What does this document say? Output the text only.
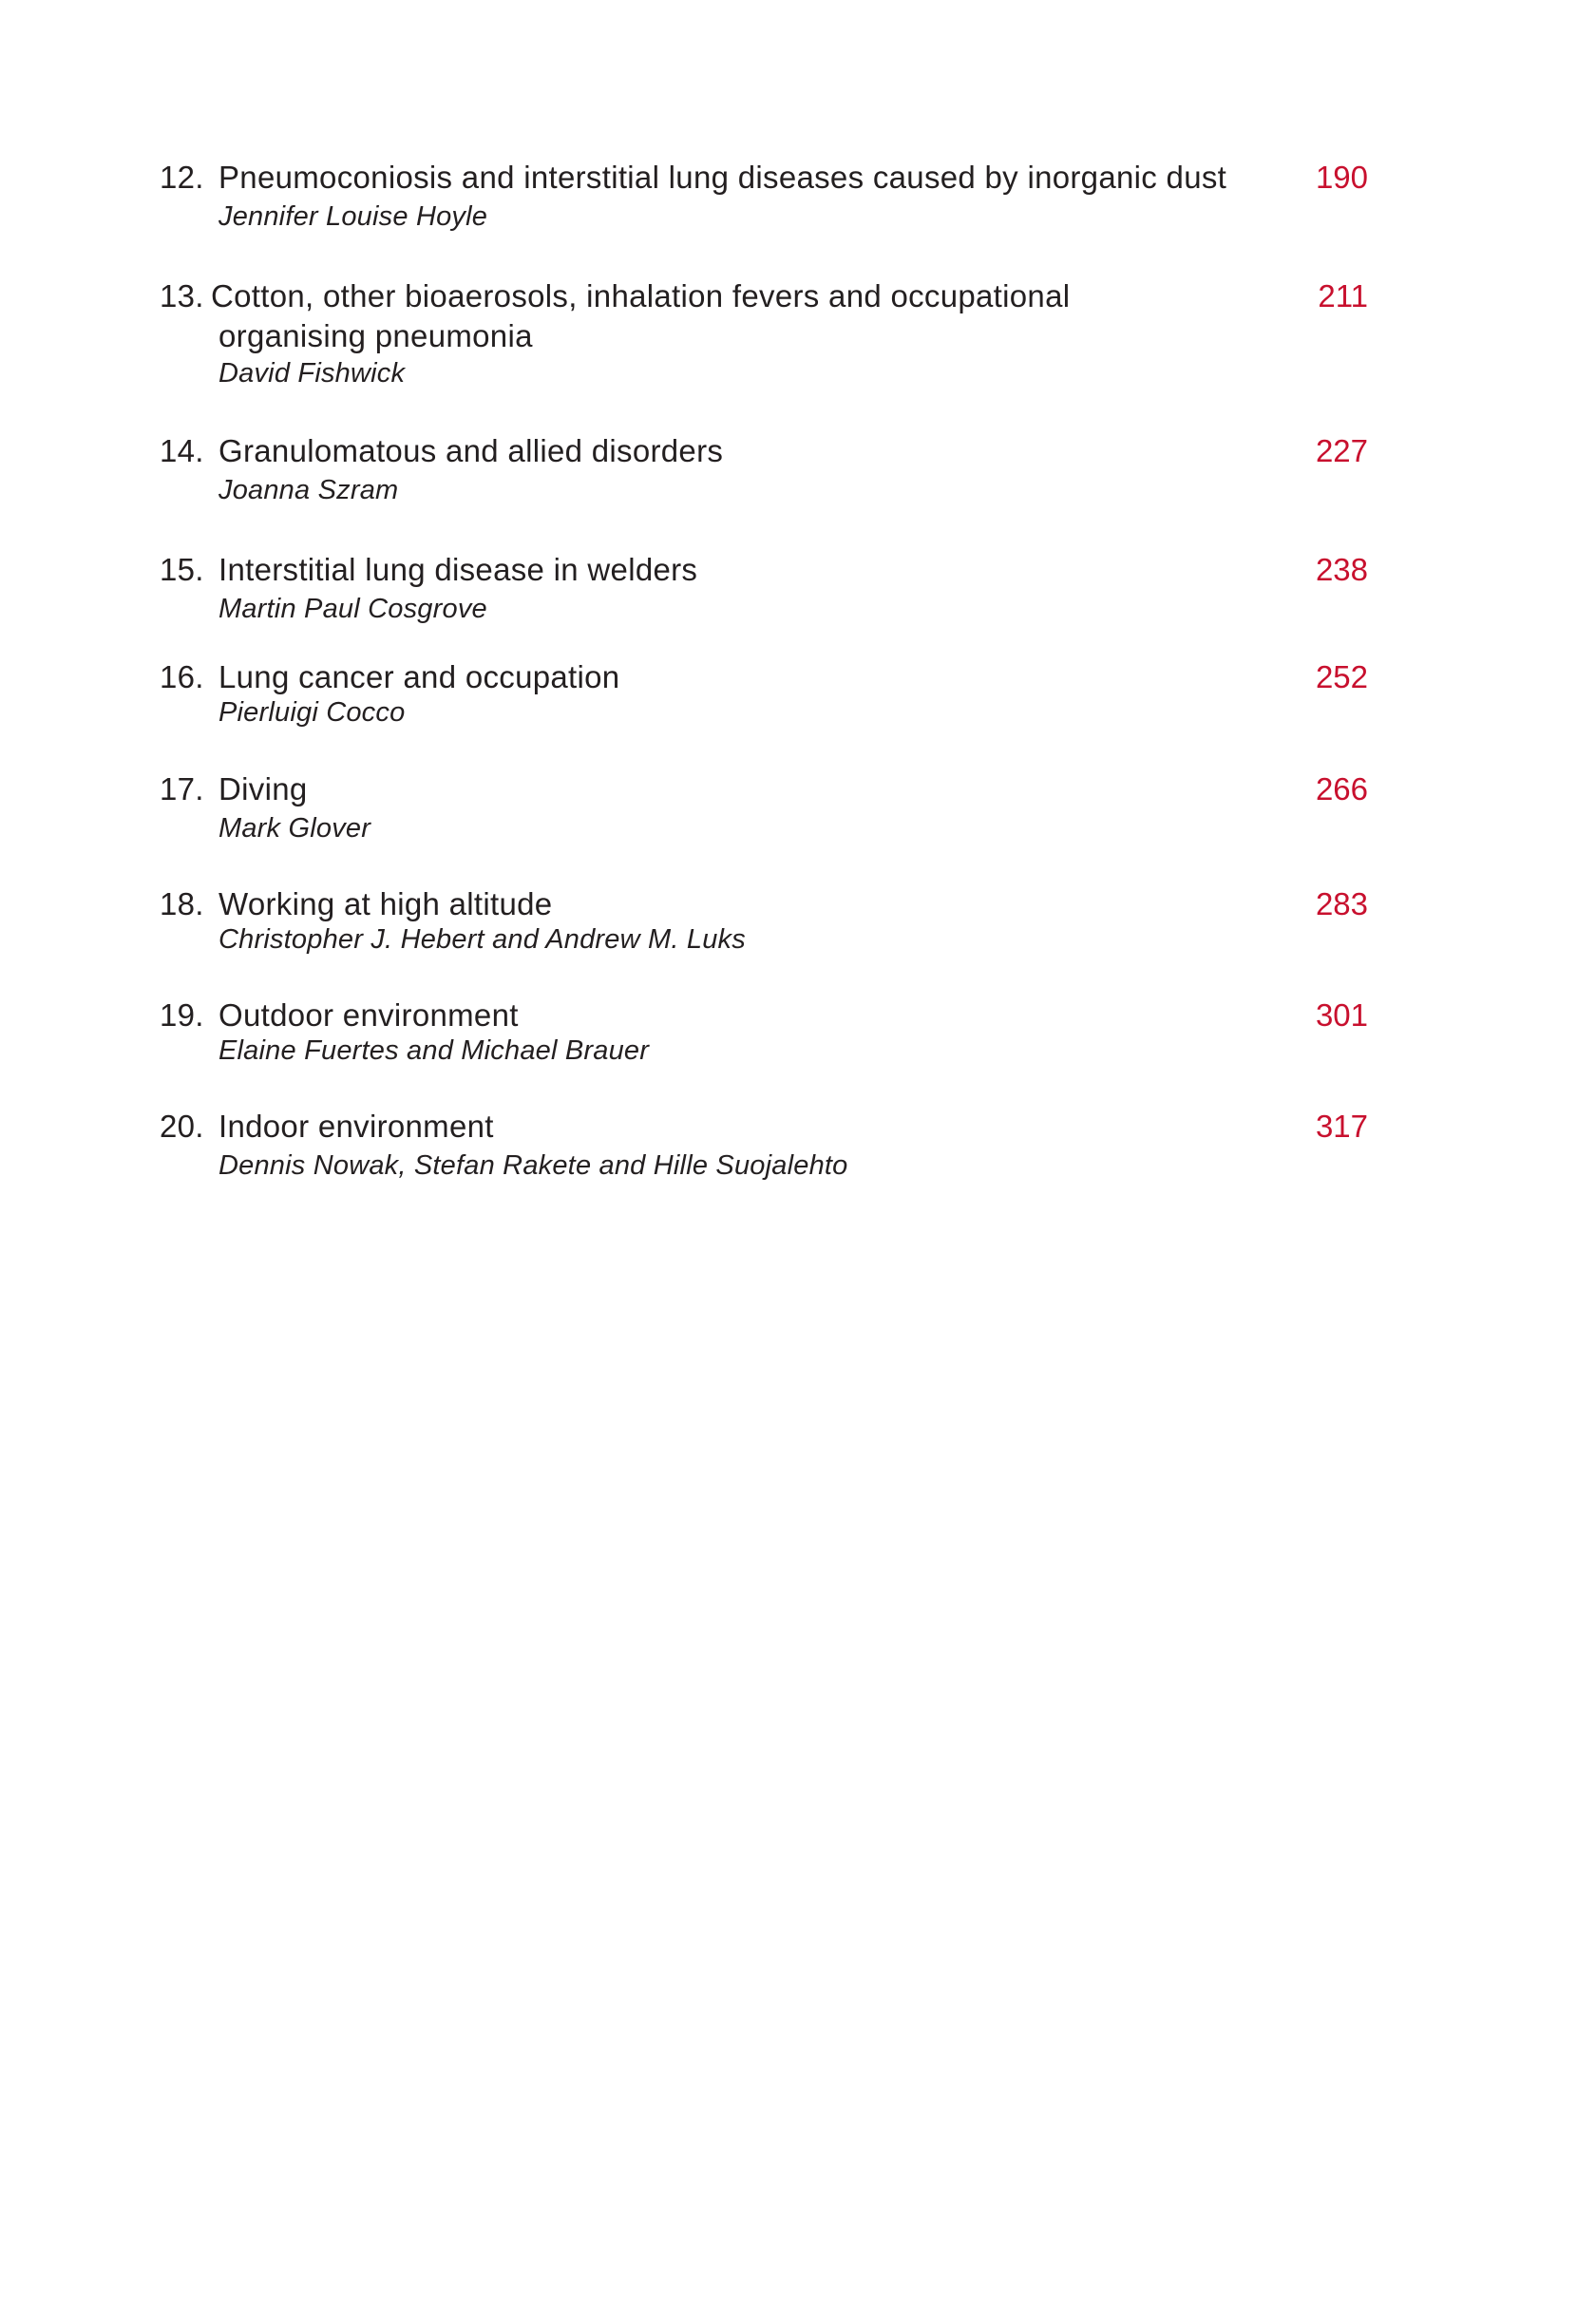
12. Pneumoconiosis and interstitial lung diseases caused by inorganic dust
Jennifer Louise Hoyle
190
13. Cotton, other bioaerosols, inhalation fevers and occupational
organising pneumonia
David Fishwick
211
14. Granulomatous and allied disorders
Joanna Szram
227
15. Interstitial lung disease in welders
Martin Paul Cosgrove
238
16. Lung cancer and occupation
Pierluigi Cocco
252
17. Diving
Mark Glover
266
18. Working at high altitude
Christopher J. Hebert and Andrew M. Luks
283
19. Outdoor environment
Elaine Fuertes and Michael Brauer
301
20. Indoor environment
Dennis Nowak, Stefan Rakete and Hille Suojalehto
317
